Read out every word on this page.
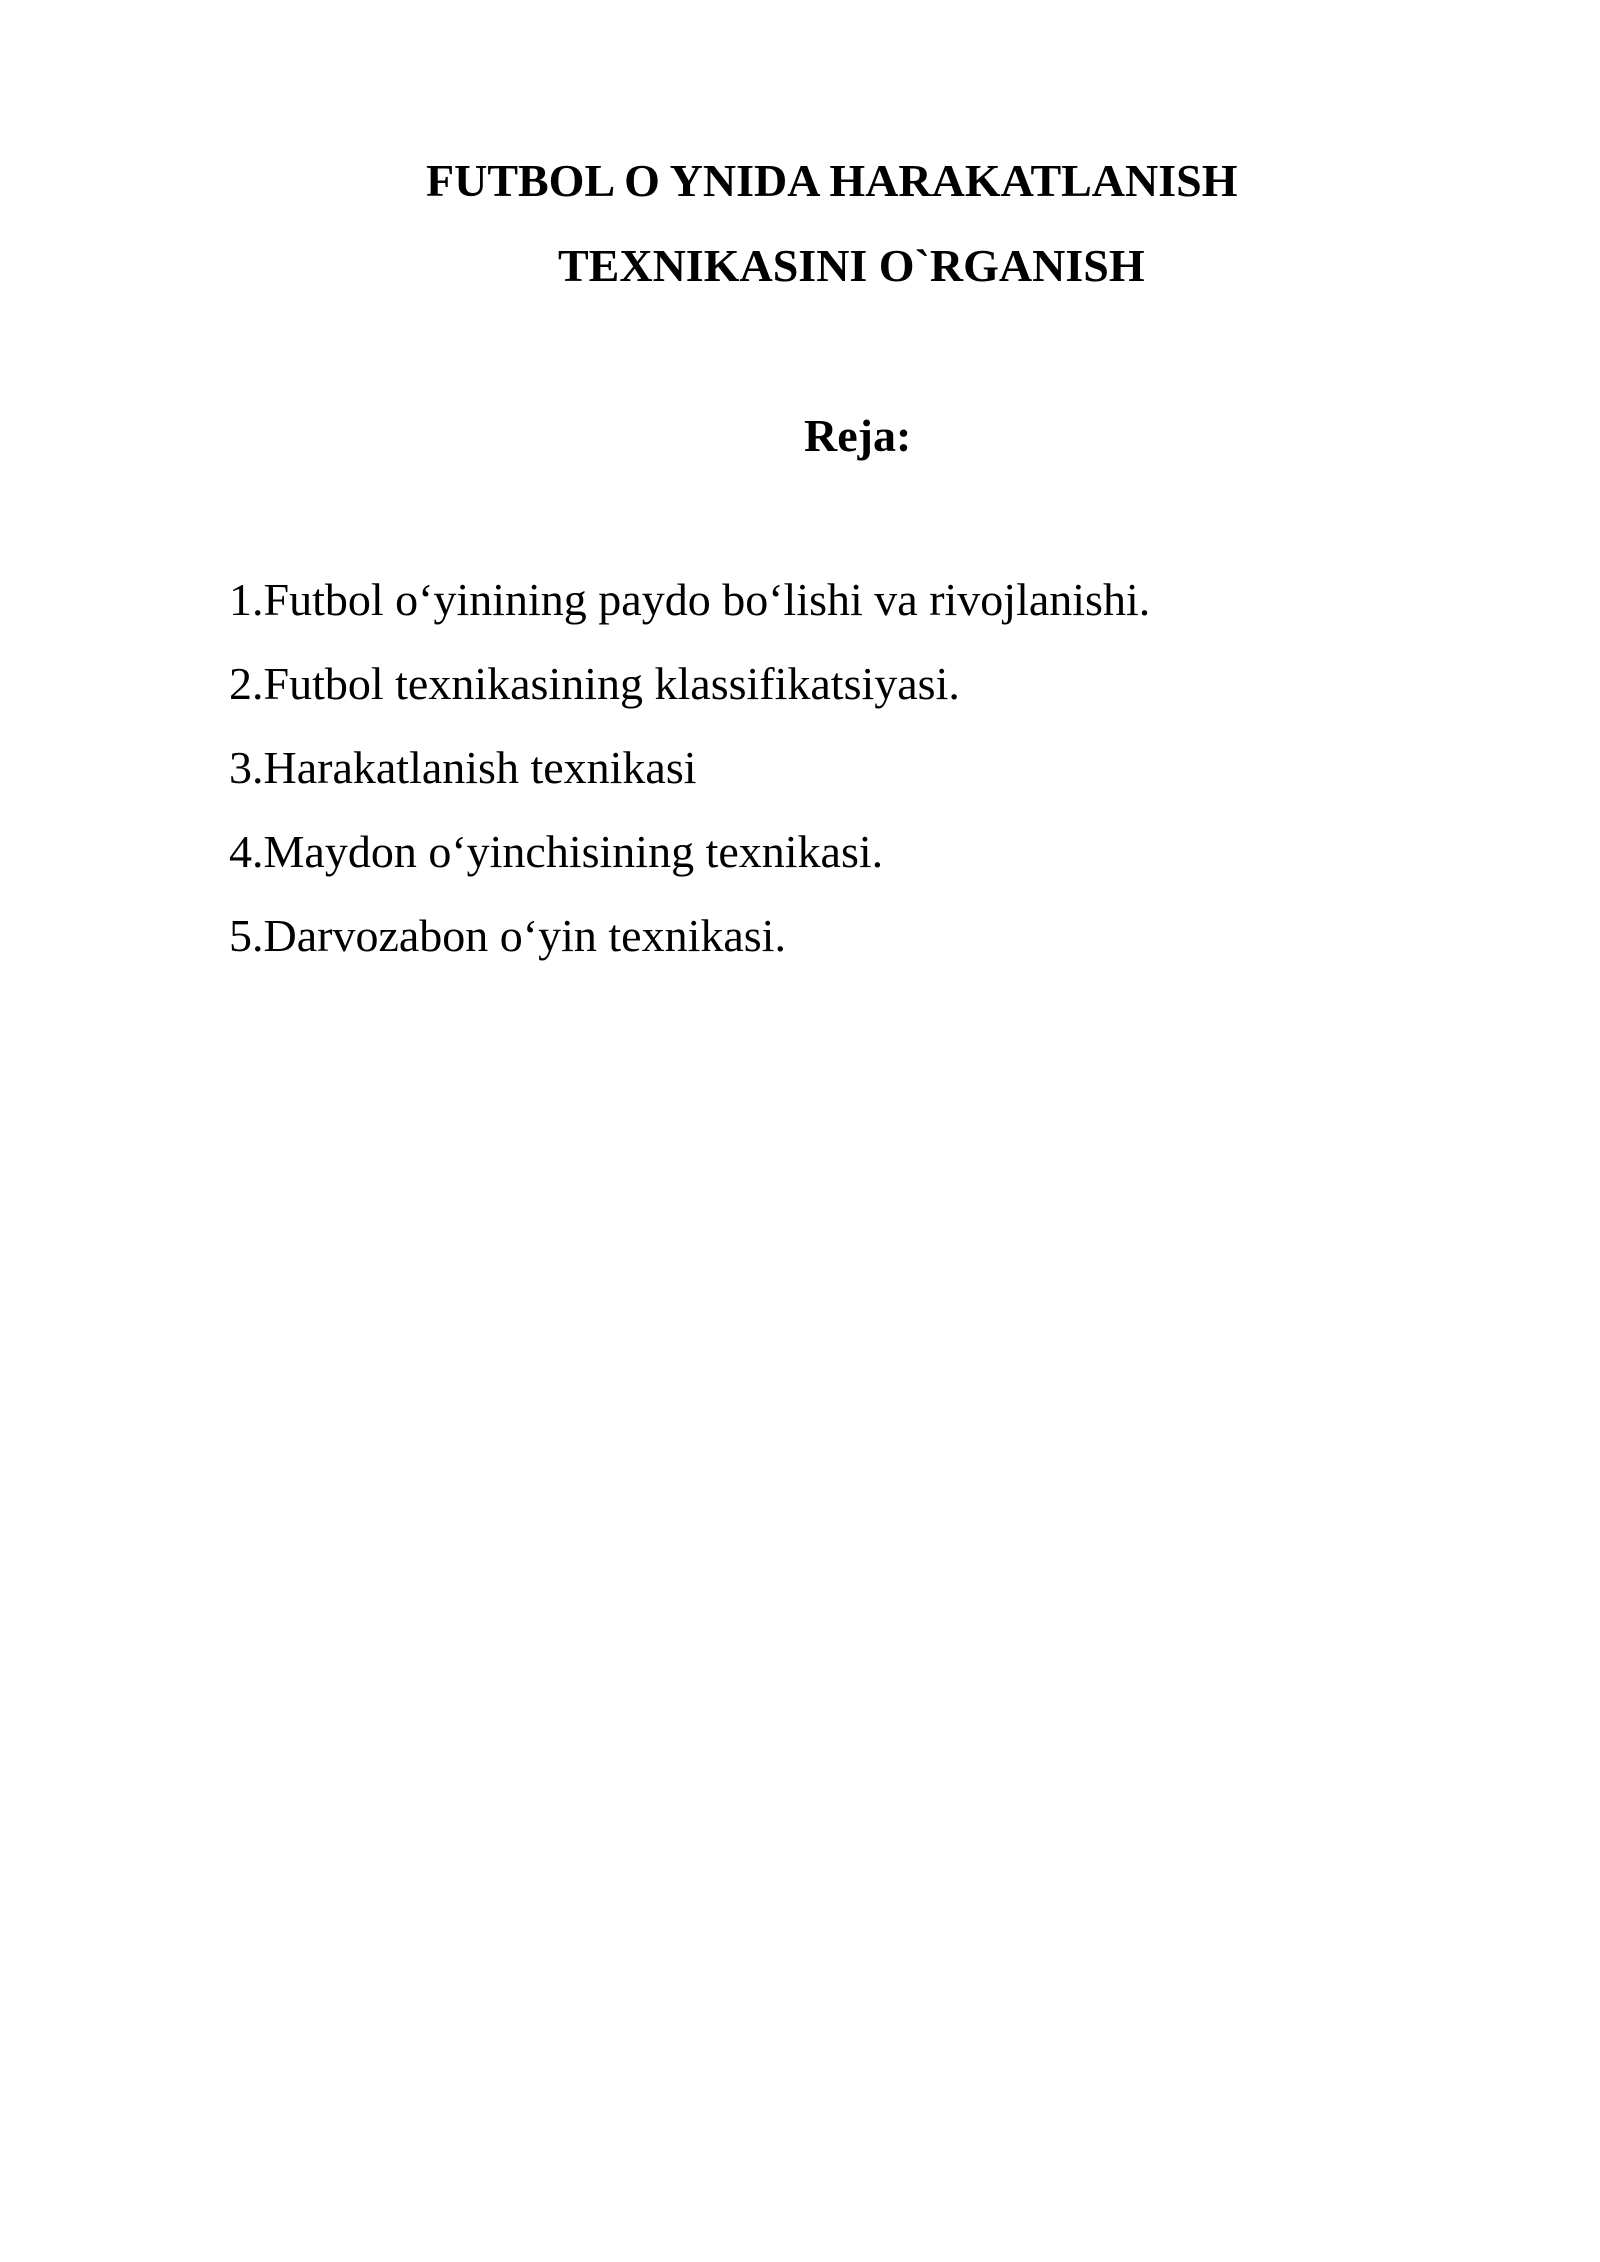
FUTBOL O YNIDA HARAKATLANISH
TEXNIKASINI O`RGANISH
Reja:
1.Futbol o‘yinining paydo bo‘lishi va rivojlanishi.
2.Futbol texnikasining klassifikatsiyasi.
3.Harakatlanish texnikasi
4.Maydon o‘yinchisining texnikasi.
5.Darvozabon o‘yin texnikasi.
